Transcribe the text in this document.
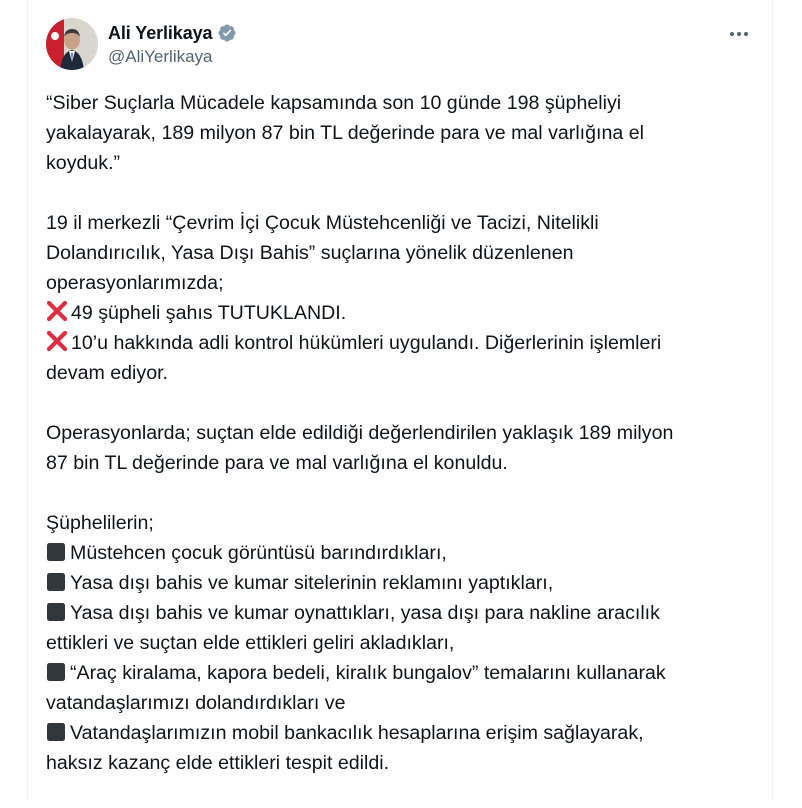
Ali Yerlikaya
@AliYerlikaya

“Siber Suçlarla Mücadele kapsamında son 10 günde 198 şüpheliyi
yakalayarak, 189 milyon 87 bin TL değerinde para ve mal varlığına el
koyduk.”

19 il merkezli “Çevrim İçi Çocuk Müstehcenliği ve Tacizi, Nitelikli
Dolandırıcılık, Yasa Dışı Bahis” suçlarına yönelik düzenlenen
operasyonlarımızda;
49 şüpheli şahıs TUTUKLANDI.
10’u hakkında adli kontrol hükümleri uygulandı. Diğerlerinin işlemleri
devam ediyor.

Operasyonlarda; suçtan elde edildiği değerlendirilen yaklaşık 189 milyon
87 bin TL değerinde para ve mal varlığına el konuldu.

Şüphelilerin;
Müstehcen çocuk görüntüsü barındırdıkları,
Yasa dışı bahis ve kumar sitelerinin reklamını yaptıkları,
Yasa dışı bahis ve kumar oynattıkları, yasa dışı para nakline aracılık
ettikleri ve suçtan elde ettikleri geliri akladıkları,
“Araç kiralama, kapora bedeli, kiralık bungalov” temalarını kullanarak
vatandaşlarımızı dolandırdıkları ve
Vatandaşlarımızın mobil bankacılık hesaplarına erişim sağlayarak,
haksız kazanç elde ettikleri tespit edildi.
